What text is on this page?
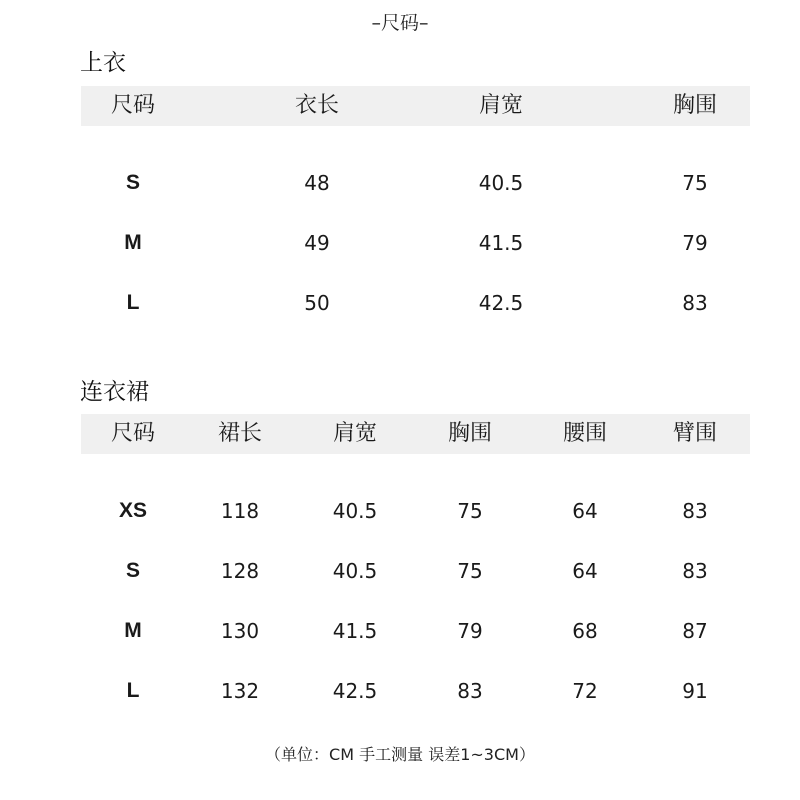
–尺码–
上衣
尺码	衣长	肩宽	胸围
S	48	40.5	75
M	49	41.5	79
L	50	42.5	83
连衣裙
尺码	裙长	肩宽	胸围	腰围	臂围
XS	118	40.5	75	64	83
S	128	40.5	75	64	83
M	130	41.5	79	68	87
L	132	42.5	83	72	91
（单位：CM 手工测量 误差1~3CM）
